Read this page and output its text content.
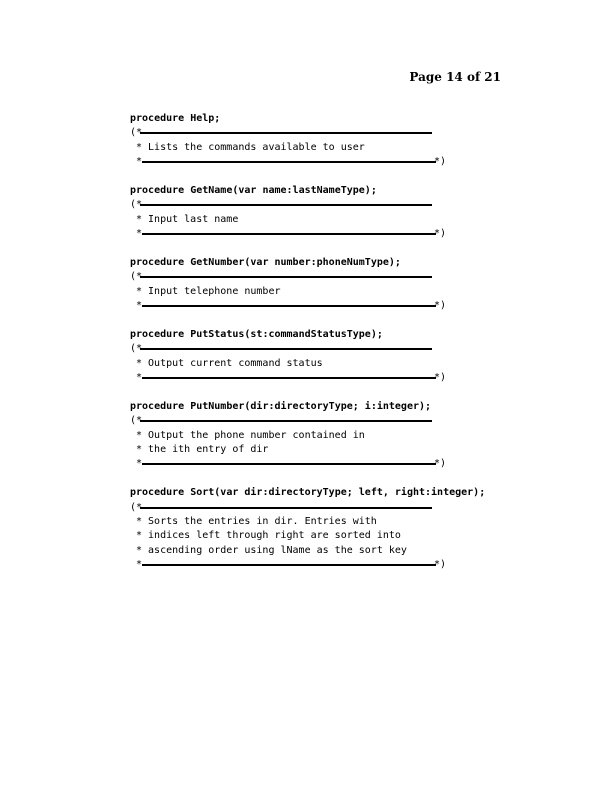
Page 14 of 21
procedure Help;
(*
* Lists the commands available to user
*	*)
procedure GetName(var name:lastNameType);
(*
* Input last name
*	*)
procedure GetNumber(var number:phoneNumType);
(*
* Input telephone number
*	*)
procedure PutStatus(st:commandStatusType);
(*
* Output current command status
*	*)
procedure PutNumber(dir:directoryType; i:integer);
(*
* Output the phone number contained in
* the ith entry of dir
*	*)
procedure Sort(var dir:directoryType; left, right:integer);
(*
* Sorts the entries in dir. Entries with
* indices left through right are sorted into
* ascending order using lName as the sort key
*	*)
